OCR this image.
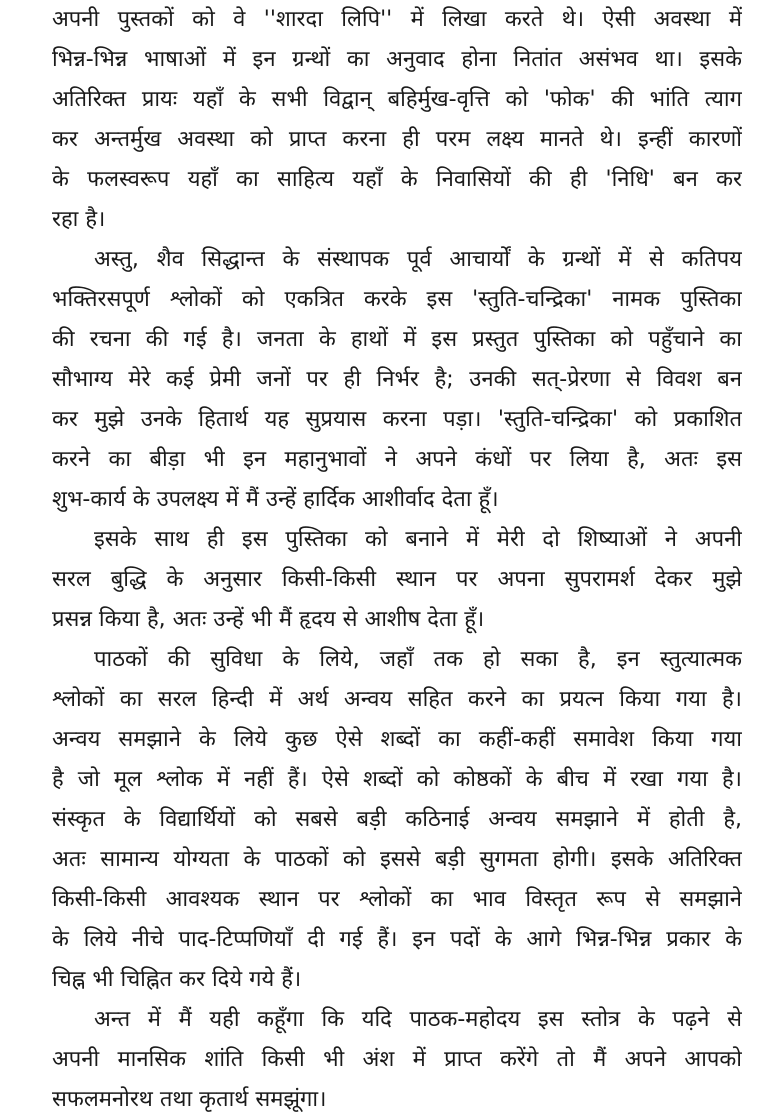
अपनी पुस्तकों को वे ''शारदा लिपि'' में लिखा करते थे। ऐसी अवस्था में
भिन्न-भिन्न भाषाओं में इन ग्रन्थों का अनुवाद होना नितांत असंभव था। इसके
अतिरिक्त प्रायः यहाँ के सभी विद्वान् बहिर्मुख-वृत्ति को 'फोक' की भांति त्याग
कर अन्तर्मुख अवस्था को प्राप्त करना ही परम लक्ष्य मानते थे। इन्हीं कारणों
के फलस्वरूप यहाँ का साहित्य यहाँ के निवासियों की ही 'निधि' बन कर
रहा है।
अस्तु, शैव सिद्धान्त के संस्थापक पूर्व आचार्यों के ग्रन्थों में से कतिपय
भक्तिरसपूर्ण श्लोकों को एकत्रित करके इस 'स्तुति-चन्द्रिका' नामक पुस्तिका
की रचना की गई है। जनता के हाथों में इस प्रस्तुत पुस्तिका को पहुँचाने का
सौभाग्य मेरे कई प्रेमी जनों पर ही निर्भर है; उनकी सत्-प्रेरणा से विवश बन
कर मुझे उनके हितार्थ यह सुप्रयास करना पड़ा। 'स्तुति-चन्द्रिका' को प्रकाशित
करने का बीड़ा भी इन महानुभावों ने अपने कंधों पर लिया है, अतः इस
शुभ-कार्य के उपलक्ष्य में मैं उन्हें हार्दिक आशीर्वाद देता हूँ।
इसके साथ ही इस पुस्तिका को बनाने में मेरी दो शिष्याओं ने अपनी
सरल बुद्धि के अनुसार किसी-किसी स्थान पर अपना सुपरामर्श देकर मुझे
प्रसन्न किया है, अतः उन्हें भी मैं हृदय से आशीष देता हूँ।
पाठकों की सुविधा के लिये, जहाँ तक हो सका है, इन स्तुत्यात्मक
श्लोकों का सरल हिन्दी में अर्थ अन्वय सहित करने का प्रयत्न किया गया है।
अन्वय समझाने के लिये कुछ ऐसे शब्दों का कहीं-कहीं समावेश किया गया
है जो मूल श्लोक में नहीं हैं। ऐसे शब्दों को कोष्ठकों के बीच में रखा गया है।
संस्कृत के विद्यार्थियों को सबसे बड़ी कठिनाई अन्वय समझाने में होती है,
अतः सामान्य योग्यता के पाठकों को इससे बड़ी सुगमता होगी। इसके अतिरिक्त
किसी-किसी आवश्यक स्थान पर श्लोकों का भाव विस्तृत रूप से समझाने
के लिये नीचे पाद-टिप्पणियाँ दी गई हैं। इन पदों के आगे भिन्न-भिन्न प्रकार के
चिह्न भी चिह्नित कर दिये गये हैं।
अन्त में मैं यही कहूँगा कि यदि पाठक-महोदय इस स्तोत्र के पढ़ने से
अपनी मानसिक शांति किसी भी अंश में प्राप्त करेंगे तो मैं अपने आपको
सफलमनोरथ तथा कृतार्थ समझूंगा।
